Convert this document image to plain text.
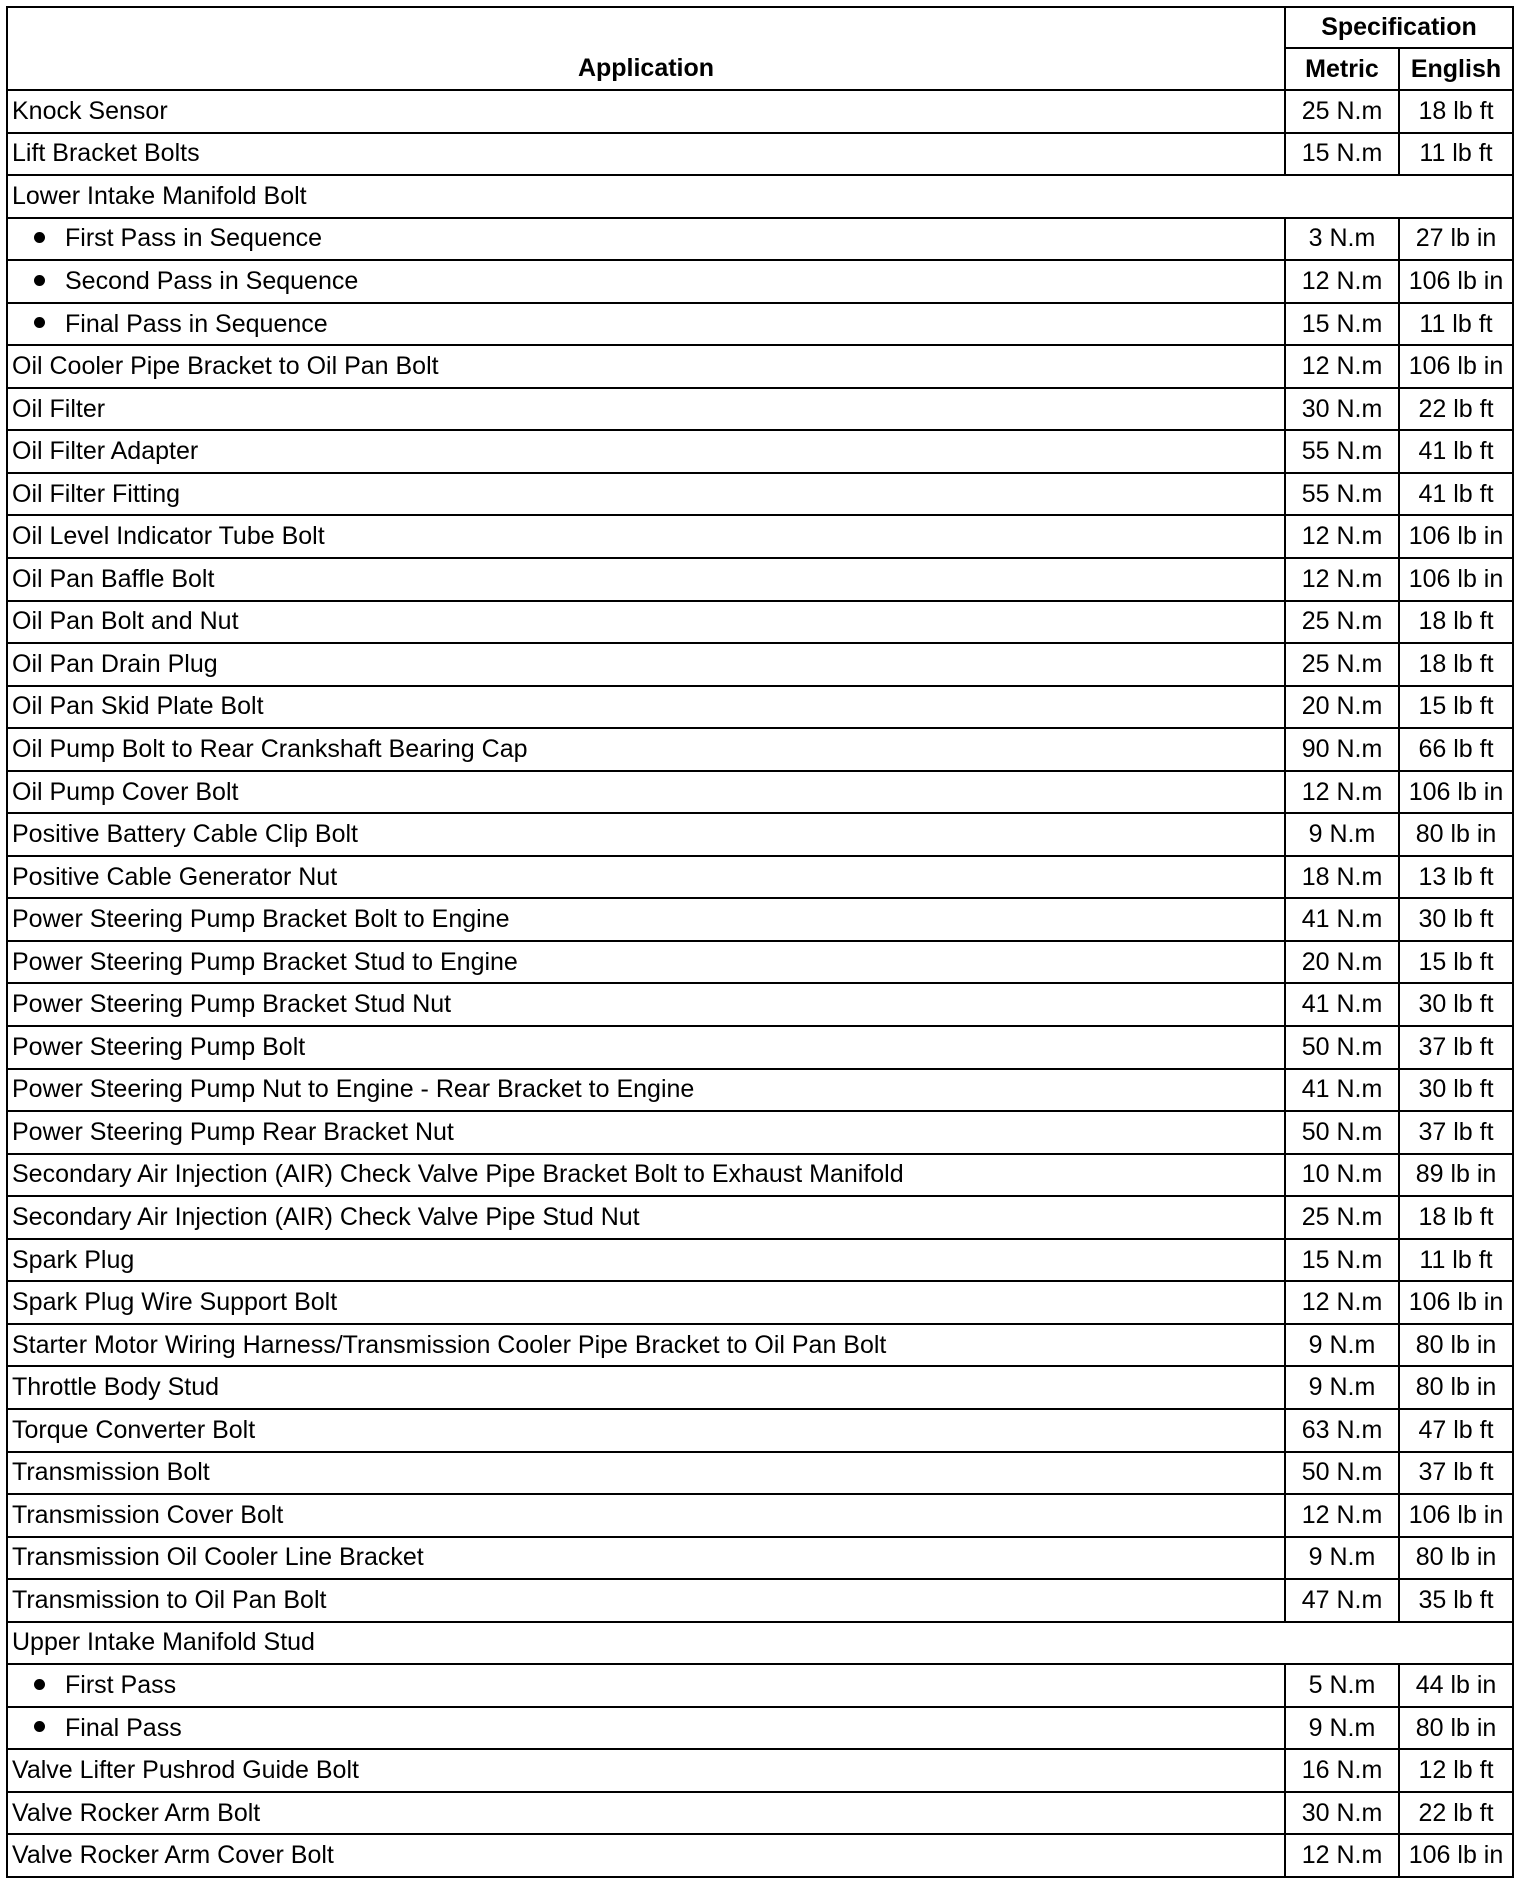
Application	Specification	
	Metric	English
Knock Sensor	25 N.m	18 lb ft
Lift Bracket Bolts	15 N.m	11 lb ft
Lower Intake Manifold Bolt		
First Pass in Sequence	3 N.m	27 lb in
Second Pass in Sequence	12 N.m	106 lb in
Final Pass in Sequence	15 N.m	11 lb ft
Oil Cooler Pipe Bracket to Oil Pan Bolt	12 N.m	106 lb in
Oil Filter	30 N.m	22 lb ft
Oil Filter Adapter	55 N.m	41 lb ft
Oil Filter Fitting	55 N.m	41 lb ft
Oil Level Indicator Tube Bolt	12 N.m	106 lb in
Oil Pan Baffle Bolt	12 N.m	106 lb in
Oil Pan Bolt and Nut	25 N.m	18 lb ft
Oil Pan Drain Plug	25 N.m	18 lb ft
Oil Pan Skid Plate Bolt	20 N.m	15 lb ft
Oil Pump Bolt to Rear Crankshaft Bearing Cap	90 N.m	66 lb ft
Oil Pump Cover Bolt	12 N.m	106 lb in
Positive Battery Cable Clip Bolt	9 N.m	80 lb in
Positive Cable Generator Nut	18 N.m	13 lb ft
Power Steering Pump Bracket Bolt to Engine	41 N.m	30 lb ft
Power Steering Pump Bracket Stud to Engine	20 N.m	15 lb ft
Power Steering Pump Bracket Stud Nut	41 N.m	30 lb ft
Power Steering Pump Bolt	50 N.m	37 lb ft
Power Steering Pump Nut to Engine - Rear Bracket to Engine	41 N.m	30 lb ft
Power Steering Pump Rear Bracket Nut	50 N.m	37 lb ft
Secondary Air Injection (AIR) Check Valve Pipe Bracket Bolt to Exhaust Manifold	10 N.m	89 lb in
Secondary Air Injection (AIR) Check Valve Pipe Stud Nut	25 N.m	18 lb ft
Spark Plug	15 N.m	11 lb ft
Spark Plug Wire Support Bolt	12 N.m	106 lb in
Starter Motor Wiring Harness/Transmission Cooler Pipe Bracket to Oil Pan Bolt	9 N.m	80 lb in
Throttle Body Stud	9 N.m	80 lb in
Torque Converter Bolt	63 N.m	47 lb ft
Transmission Bolt	50 N.m	37 lb ft
Transmission Cover Bolt	12 N.m	106 lb in
Transmission Oil Cooler Line Bracket	9 N.m	80 lb in
Transmission to Oil Pan Bolt	47 N.m	35 lb ft
Upper Intake Manifold Stud		
First Pass	5 N.m	44 lb in
Final Pass	9 N.m	80 lb in
Valve Lifter Pushrod Guide Bolt	16 N.m	12 lb ft
Valve Rocker Arm Bolt	30 N.m	22 lb ft
Valve Rocker Arm Cover Bolt	12 N.m	106 lb in
